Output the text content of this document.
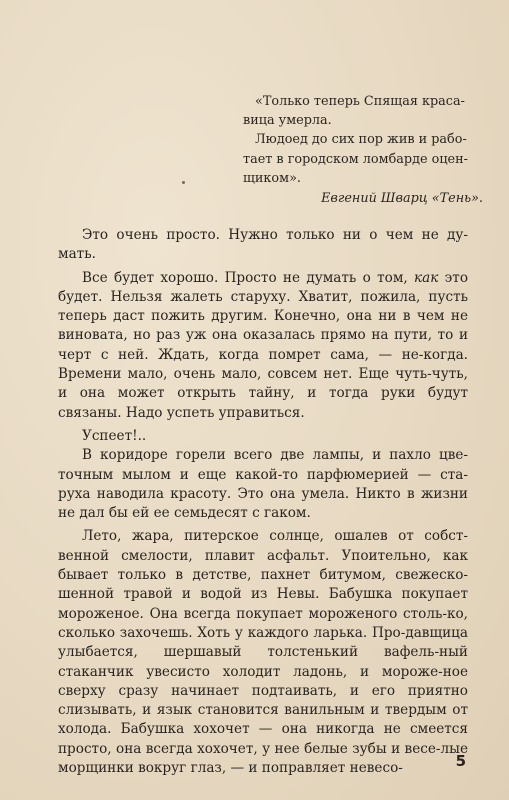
«Только теперь Спящая краса-вица умерла.

Людоед до сих пор жив и рабо-тает в городском ломбарде оцен-щиком».

Евгений Шварц «Тень».

Это очень просто. Нужно только ни о чем не ду-мать.

Все будет хорошо. Просто не думать о том, как это будет. Нельзя жалеть старуху. Хватит, пожила, пусть теперь даст пожить другим. Конечно, она ни в чем не виновата, но раз уж она оказалась прямо на пути, то и черт с ней. Ждать, когда помрет сама, — не-когда. Времени мало, очень мало, совсем нет. Еще чуть-чуть, и она может открыть тайну, и тогда руки будут связаны. Надо успеть управиться.

Успеет!..

В коридоре горели всего две лампы, и пахло цве-точным мылом и еще какой-то парфюмерией — ста-руха наводила красоту. Это она умела. Никто в жизни не дал бы ей ее семьдесят с гаком.

Лето, жара, питерское солнце, ошалев от собст-венной смелости, плавит асфальт. Упоительно, как бывает только в детстве, пахнет битумом, свежеско-шенной травой и водой из Невы. Бабушка покупает мороженое. Она всегда покупает мороженого столь-ко, сколько захочешь. Хоть у каждого ларька. Про-давщица улыбается, шершавый толстенький вафель-ный стаканчик увесисто холодит ладонь, и мороже-ное сверху сразу начинает подтаивать, и его приятно слизывать, и язык становится ванильным и твердым от холода. Бабушка хохочет — она никогда не смеется просто, она всегда хохочет, у нее белые зубы и весе-лые морщинки вокруг глаз, — и поправляет невесо-	5
